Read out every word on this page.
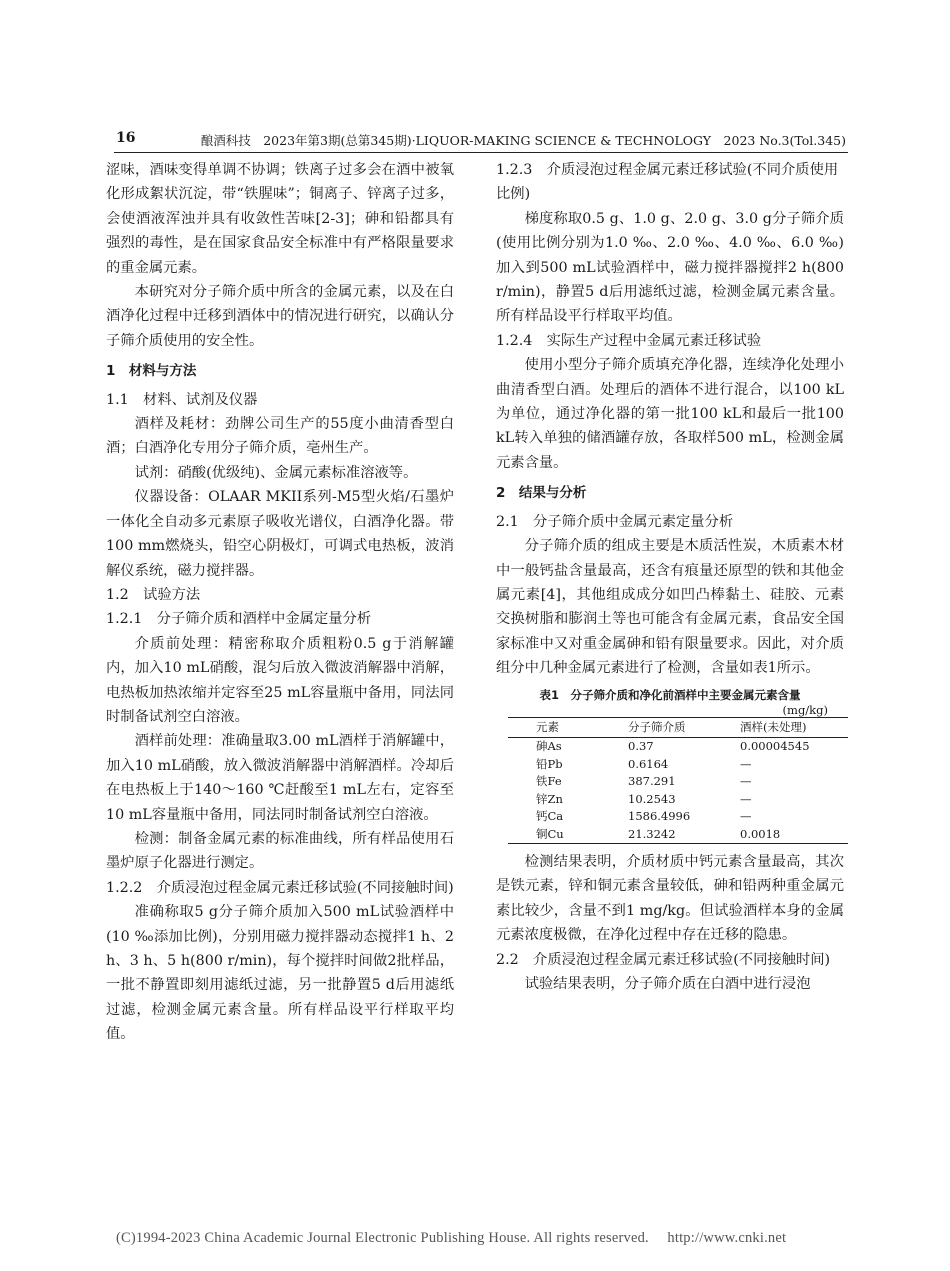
16	酿酒科技　2023年第3期(总第345期)·LIQUOR-MAKING SCIENCE & TECHNOLOGY　2023 No.3(Tol.345)

涩味，酒味变得单调不协调；铁离子过多会在酒中被氧化形成絮状沉淀，带“铁腥味”；铜离子、锌离子过多，会使酒液浑浊并具有收敛性苦味[2-3]；砷和铅都具有强烈的毒性，是在国家食品安全标准中有严格限量要求的重金属元素。

本研究对分子筛介质中所含的金属元素，以及在白酒净化过程中迁移到酒体中的情况进行研究，以确认分子筛介质使用的安全性。

1　材料与方法
1.1　材料、试剂及仪器

酒样及耗材：劲牌公司生产的55度小曲清香型白酒；白酒净化专用分子筛介质，亳州生产。

试剂：硝酸(优级纯)、金属元素标准溶液等。

仪器设备：OLAAR MKII系列-M5型火焰/石墨炉一体化全自动多元素原子吸收光谱仪，白酒净化器。带100 mm燃烧头，铅空心阴极灯，可调式电热板，波消解仪系统，磁力搅拌器。

1.2　试验方法
1.2.1　分子筛介质和酒样中金属定量分析

介质前处理：精密称取介质粗粉0.5 g于消解罐内，加入10 mL硝酸，混匀后放入微波消解器中消解，电热板加热浓缩并定容至25 mL容量瓶中备用，同法同时制备试剂空白溶液。

酒样前处理：准确量取3.00 mL酒样于消解罐中，加入10 mL硝酸，放入微波消解器中消解酒样。冷却后在电热板上于140～160 ℃赶酸至1 mL左右，定容至10 mL容量瓶中备用，同法同时制备试剂空白溶液。

检测：制备金属元素的标准曲线，所有样品使用石墨炉原子化器进行测定。

1.2.2　介质浸泡过程金属元素迁移试验(不同接触时间)

准确称取5 g分子筛介质加入500 mL试验酒样中(10 ‰添加比例)，分别用磁力搅拌器动态搅拌1 h、2 h、3 h、5 h(800 r/min)，每个搅拌时间做2批样品，一批不静置即刻用滤纸过滤，另一批静置5 d后用滤纸过滤，检测金属元素含量。所有样品设平行样取平均值。

1.2.3　介质浸泡过程金属元素迁移试验(不同介质使用比例)

梯度称取0.5 g、1.0 g、2.0 g、3.0 g分子筛介质(使用比例分别为1.0 ‰、2.0 ‰、4.0 ‰、6.0 ‰)加入到500 mL试验酒样中，磁力搅拌器搅拌2 h(800 r/min)，静置5 d后用滤纸过滤，检测金属元素含量。所有样品设平行样取平均值。

1.2.4　实际生产过程中金属元素迁移试验

使用小型分子筛介质填充净化器，连续净化处理小曲清香型白酒。处理后的酒体不进行混合，以100 kL为单位，通过净化器的第一批100 kL和最后一批100 kL转入单独的储酒罐存放，各取样500 mL，检测金属元素含量。

2　结果与分析
2.1　分子筛介质中金属元素定量分析

分子筛介质的组成主要是木质活性炭，木质素木材中一般钙盐含量最高，还含有痕量还原型的铁和其他金属元素[4]，其他组成成分如凹凸棒黏土、硅胶、元素交换树脂和膨润土等也可能含有金属元素，食品安全国家标准中又对重金属砷和铅有限量要求。因此，对介质组分中几种金属元素进行了检测，含量如表1所示。

表1　分子筛介质和净化前酒样中主要金属元素含量
(mg/kg)
元素	分子筛介质	酒样(未处理)
砷As	0.37	0.00004545
铅Pb	0.6164	—
铁Fe	387.291	—
锌Zn	10.2543	—
钙Ca	1586.4996	—
铜Cu	21.3242	0.0018

检测结果表明，介质材质中钙元素含量最高，其次是铁元素，锌和铜元素含量较低，砷和铅两种重金属元素比较少，含量不到1 mg/kg。但试验酒样本身的金属元素浓度极微，在净化过程中存在迁移的隐患。

2.2　介质浸泡过程金属元素迁移试验(不同接触时间)

试验结果表明，分子筛介质在白酒中进行浸泡

(C)1994-2023 China Academic Journal Electronic Publishing House. All rights reserved.　 http://www.cnki.net
